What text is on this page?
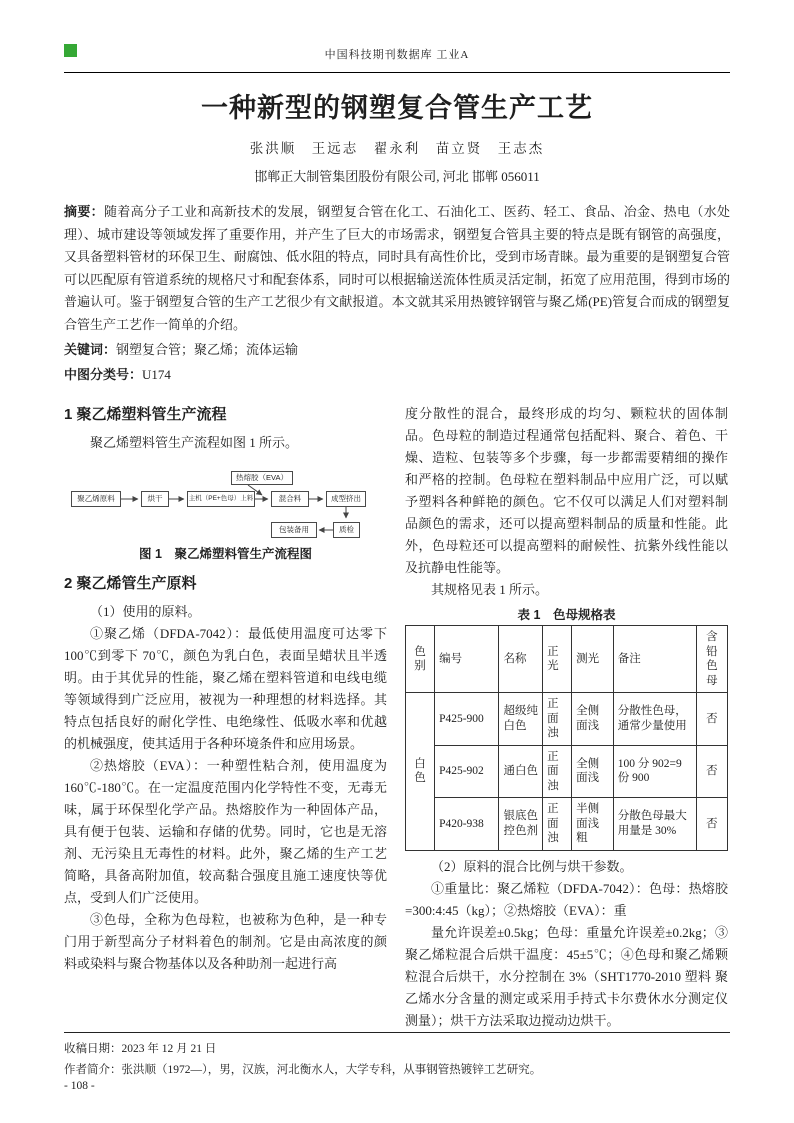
中国科技期刊数据库 工业A
一种新型的钢塑复合管生产工艺
张洪顺　王远志　翟永利　苗立贤　王志杰
邯郸正大制管集团股份有限公司, 河北 邯郸 056011
摘要：随着高分子工业和高新技术的发展，钢塑复合管在化工、石油化工、医药、轻工、食品、冶金、热电（水处理）、城市建设等领域发挥了重要作用，并产生了巨大的市场需求，钢塑复合管具主要的特点是既有钢管的高强度，又具备塑料管材的环保卫生、耐腐蚀、低水阻的特点，同时具有高性价比，受到市场青睐。最为重要的是钢塑复合管可以匹配原有管道系统的规格尺寸和配套体系，同时可以根据输送流体性质灵活定制，拓宽了应用范围，得到市场的普遍认可。鉴于钢塑复合管的生产工艺很少有文献报道。本文就其采用热镀锌钢管与聚乙烯(PE)管复合而成的钢塑复合管生产工艺作一简单的介绍。
关键词：钢塑复合管；聚乙烯；流体运输
中图分类号：U174
1 聚乙烯塑料管生产流程

聚乙烯塑料管生产流程如图 1 所示。

热熔胶（EVA）
聚乙烯原料	烘干	主机（PE+色母）上料	混合料	成型挤出
包装备用	质检
图 1　聚乙烯塑料管生产流程图
2 聚乙烯管生产原料

（1）使用的原料。

①聚乙烯（DFDA-7042）：最低使用温度可达零下100℃到零下 70℃，颜色为乳白色，表面呈蜡状且半透明。由于其优异的性能，聚乙烯在塑料管道和电线电缆等领域得到广泛应用，被视为一种理想的材料选择。其特点包括良好的耐化学性、电绝缘性、低吸水率和优越的机械强度，使其适用于各种环境条件和应用场景。

②热熔胶（EVA）：一种塑性粘合剂，使用温度为160℃-180℃。在一定温度范围内化学特性不变，无毒无味，属于环保型化学产品。热熔胶作为一种固体产品，具有便于包装、运输和存储的优势。同时，它也是无溶剂、无污染且无毒性的材料。此外，聚乙烯的生产工艺简略，具备高附加值，较高黏合强度且施工速度快等优点，受到人们广泛使用。

③色母，全称为色母粒，也被称为色种，是一种专门用于新型高分子材料着色的制剂。它是由高浓度的颜料或染料与聚合物基体以及各种助剂一起进行高

度分散性的混合，最终形成的均匀、颗粒状的固体制品。色母粒的制造过程通常包括配料、聚合、着色、干燥、造粒、包装等多个步骤，每一步都需要精细的操作和严格的控制。色母粒在塑料制品中应用广泛，可以赋予塑料各种鲜艳的颜色。它不仅可以满足人们对塑料制品颜色的需求，还可以提高塑料制品的质量和性能。此外，色母粒还可以提高塑料的耐候性、抗紫外线性能以及抗静电性能等。

其规格见表 1 所示。

表 1　色母规格表
色别	编号	名称	正光	测光	备注	含铅色母
白色	P425-900	超级纯白色	正面浊	全侧面浅	分散性色母，通常少量使用	否
	P425-902	通白色	正面浊	全侧面浅	100 分 902=9 份 900	否
	P420-938	银底色控色剂	正面浊	半侧面浅粗	分散色母最大用量是 30%	否

（2）原料的混合比例与烘干参数。

①重量比：聚乙烯粒（DFDA-7042）：色母：热熔胶=300:4:45（kg）；②热熔胶（EVA）：重

量允许误差±0.5kg；色母：重量允许误差±0.2kg；③聚乙烯粒混合后烘干温度：45±5℃；④色母和聚乙烯颗粒混合后烘干，水分控制在 3%（SHT1770-2010 塑料 聚乙烯水分含量的测定或采用手持式卡尔费休水分测定仪测量）；烘干方法采取边搅动边烘干。

收稿日期：2023 年 12 月 21 日
作者简介：张洪顺（1972—），男，汉族，河北衡水人，大学专科，从事钢管热镀锌工艺研究。
- 108 -
